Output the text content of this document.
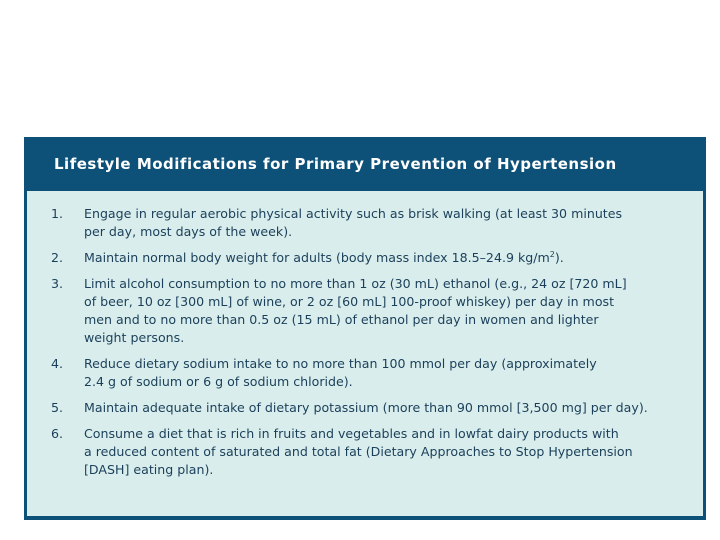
Lifestyle Modifications for Primary Prevention of Hypertension
1.	Engage in regular aerobic physical activity such as brisk walking (at least 30 minutes
per day, most days of the week).
2.	Maintain normal body weight for adults (body mass index 18.5–24.9 $kg/m^2$).
3.	Limit alcohol consumption to no more than 1 oz (30 mL) ethanol (e.g., 24 oz [720 mL]
of beer, 10 oz [300 mL] of wine, or 2 oz [60 mL] 100-proof whiskey) per day in most
men and to no more than 0.5 oz (15 mL) of ethanol per day in women and lighter
weight persons.
4.	Reduce dietary sodium intake to no more than 100 mmol per day (approximately
2.4 g of sodium or 6 g of sodium chloride).
5.	Maintain adequate intake of dietary potassium (more than 90 mmol [3,500 mg] per day).
6.	Consume a diet that is rich in fruits and vegetables and in lowfat dairy products with
a reduced content of saturated and total fat (Dietary Approaches to Stop Hypertension
[DASH] eating plan).
